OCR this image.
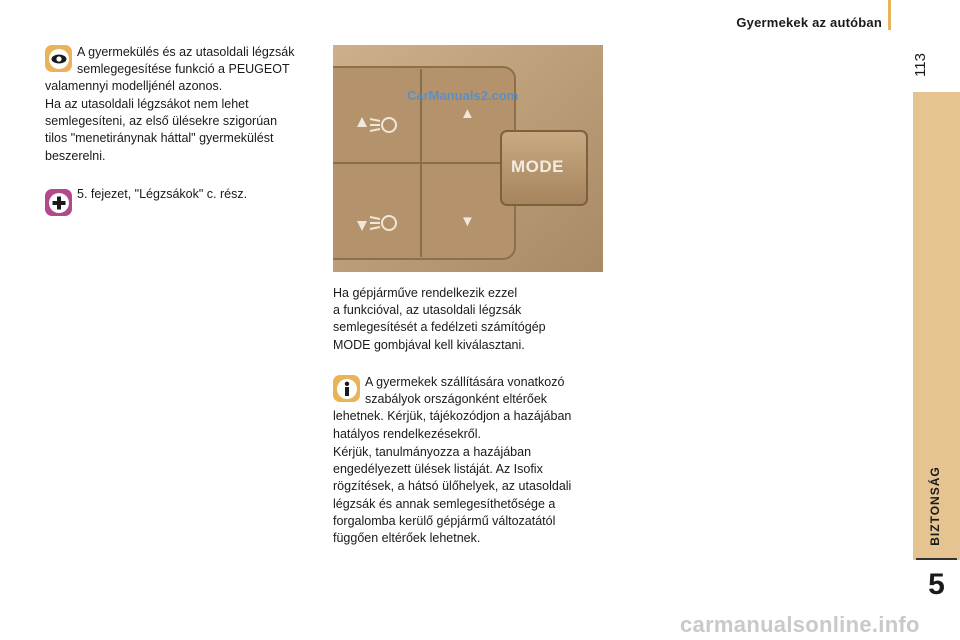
Gyermekek az autóban
113
BIZTONSÁG
5
A gyermekülés és az utasoldali légzsák
semlegegesítése funkció a PEUGEOT
valamennyi modelljénél azonos.
Ha az utasoldali légzsákot nem lehet
semlegesíteni, az első ülésekre szigorúan
tilos "menetiránynak háttal" gyermekülést
beszerelni.
5. fejezet, "Légzsákok" c. rész.
▲
▼
MODE
CarManuals2.com
Ha gépjárműve rendelkezik ezzel
a funkcióval, az utasoldali légzsák
semlegesítését a fedélzeti számítógép
MODE gombjával kell kiválasztani.
A gyermekek szállítására vonatkozó
szabályok országonként eltérőek
lehetnek. Kérjük, tájékozódjon a hazájában
hatályos rendelkezésekről.
Kérjük, tanulmányozza a hazájában
engedélyezett ülések listáját. Az Isofix
rögzítések, a hátsó ülőhelyek, az utasoldali
légzsák és annak semlegesíthetősége a
forgalomba kerülő gépjármű változatától
függően eltérőek lehetnek.
carmanualsonline.info
